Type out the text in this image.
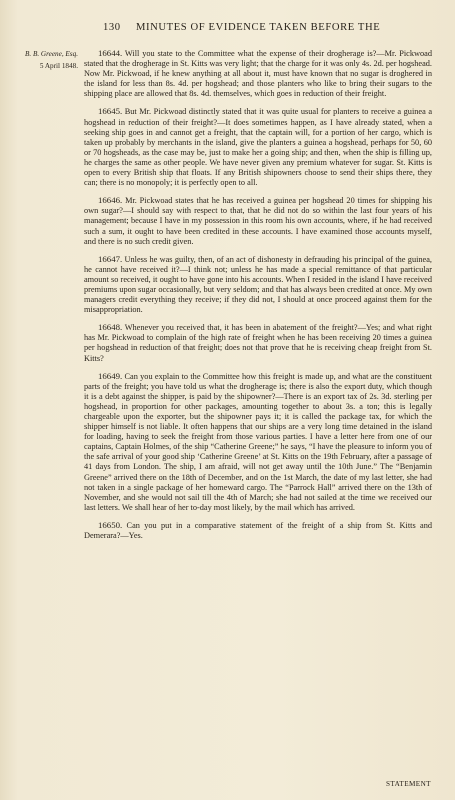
130 MINUTES OF EVIDENCE TAKEN BEFORE THE
B. B. Greene, Esq.
5 April 1848.

16644. Will you state to the Committee what the expense of their drogherage is?—Mr. Pickwoad stated that the drogherage in St. Kitts was very light; that the charge for it was only 4s. 2d. per hogshead. Now Mr. Pickwoad, if he knew anything at all about it, must have known that no sugar is droghered in the island for less than 8s. 4d. per hogshead; and those planters who like to bring their sugars to the shipping place are allowed that 8s. 4d. themselves, which goes in reduction of their freight.

16645. But Mr. Pickwoad distinctly stated that it was quite usual for planters to receive a guinea a hogshead in reduction of their freight?—It does sometimes happen, as I have already stated, when a seeking ship goes in and cannot get a freight, that the captain will, for a portion of her cargo, which is taken up probably by merchants in the island, give the planters a guinea a hogshead, perhaps for 50, 60 or 70 hogsheads, as the case may be, just to make her a going ship; and then, when the ship is filling up, he charges the same as other people. We have never given any premium whatever for sugar. St. Kitts is open to every British ship that floats. If any British shipowners choose to send their ships there, they can; there is no monopoly; it is perfectly open to all.

16646. Mr. Pickwoad states that he has received a guinea per hogshead 20 times for shipping his own sugar?—I should say with respect to that, that he did not do so within the last four years of his management; because I have in my possession in this room his own accounts, where, if he had received such a sum, it ought to have been credited in these accounts. I have examined those accounts myself, and there is no such credit given.

16647. Unless he was guilty, then, of an act of dishonesty in defrauding his principal of the guinea, he cannot have received it?—I think not; unless he has made a special remittance of that particular amount so received, it ought to have gone into his accounts. When I resided in the island I have received premiums upon sugar occasionally, but very seldom; and that has always been credited at once. My own managers credit everything they receive; if they did not, I should at once proceed against them for the misappropriation.

16648. Whenever you received that, it has been in abatement of the freight?—Yes; and what right has Mr. Pickwoad to complain of the high rate of freight when he has been receiving 20 times a guinea per hogshead in reduction of that freight; does not that prove that he is receiving cheap freight from St. Kitts?

16649. Can you explain to the Committee how this freight is made up, and what are the constituent parts of the freight; you have told us what the drogherage is; there is also the export duty, which though it is a debt against the shipper, is paid by the shipowner?—There is an export tax of 2s. 3d. sterling per hogshead, in proportion for other packages, amounting together to about 3s. a ton; this is legally chargeable upon the exporter, but the shipowner pays it; it is called the package tax, for which the shipper himself is not liable. It often happens that our ships are a very long time detained in the island for loading, having to seek the freight from those various parties. I have a letter here from one of our captains, Captain Holmes, of the ship “Catherine Greene;” he says, “I have the pleasure to inform you of the safe arrival of your good ship ‘Catherine Greene’ at St. Kitts on the 19th February, after a passage of 41 days from London. The ship, I am afraid, will not get away until the 10th June.” The “Benjamin Greene” arrived there on the 18th of December, and on the 1st March, the date of my last letter, she had not taken in a single package of her homeward cargo. The “Parrock Hall” arrived there on the 13th of November, and she would not sail till the 4th of March; she had not sailed at the time we received our last letters. We shall hear of her to-day most likely, by the mail which has arrived.

16650. Can you put in a comparative statement of the freight of a ship from St. Kitts and Demerara?—Yes.

STATEMENT
